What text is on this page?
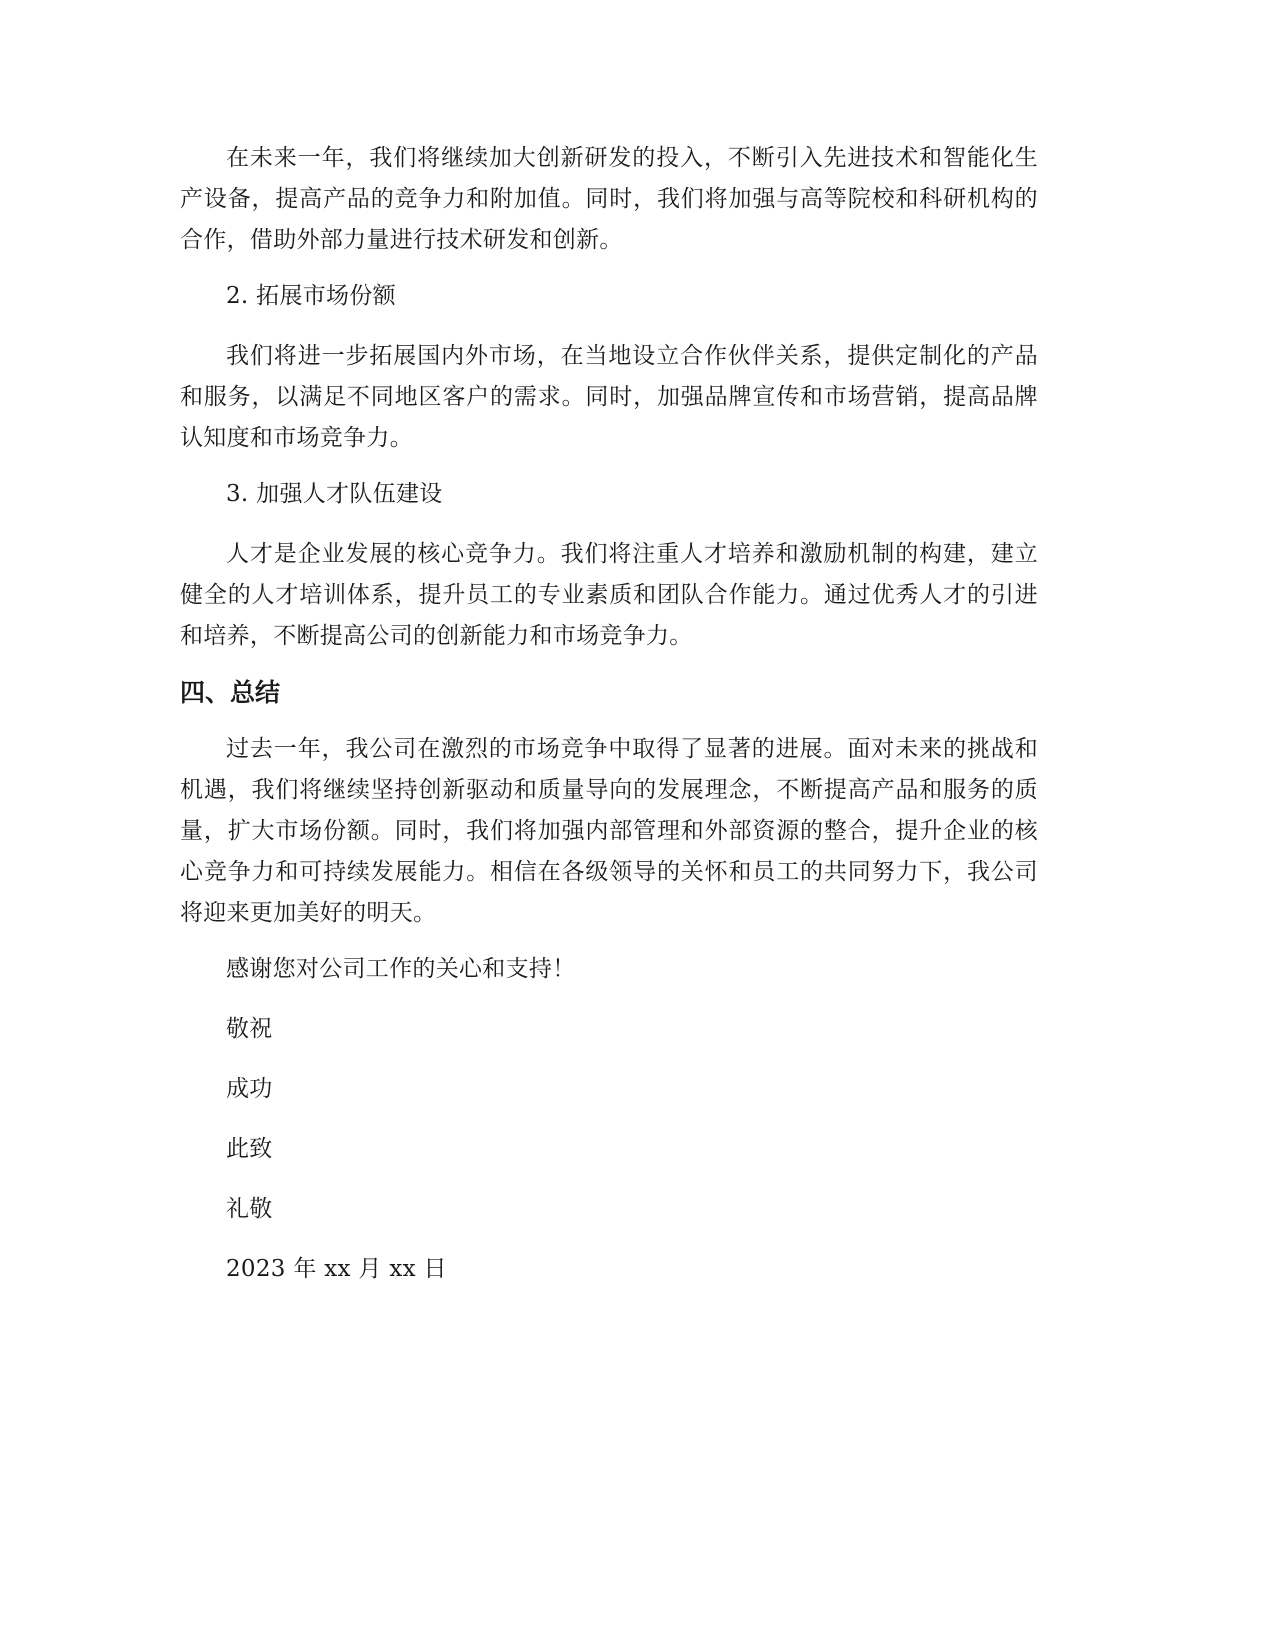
在未来一年，我们将继续加大创新研发的投入，不断引入先进技术和智能化生产设备，提高产品的竞争力和附加值。同时，我们将加强与高等院校和科研机构的合作，借助外部力量进行技术研发和创新。

2. 拓展市场份额

我们将进一步拓展国内外市场，在当地设立合作伙伴关系，提供定制化的产品和服务，以满足不同地区客户的需求。同时，加强品牌宣传和市场营销，提高品牌认知度和市场竞争力。

3. 加强人才队伍建设

人才是企业发展的核心竞争力。我们将注重人才培养和激励机制的构建，建立健全的人才培训体系，提升员工的专业素质和团队合作能力。通过优秀人才的引进和培养，不断提高公司的创新能力和市场竞争力。

四、总结

过去一年，我公司在激烈的市场竞争中取得了显著的进展。面对未来的挑战和机遇，我们将继续坚持创新驱动和质量导向的发展理念，不断提高产品和服务的质量，扩大市场份额。同时，我们将加强内部管理和外部资源的整合，提升企业的核心竞争力和可持续发展能力。相信在各级领导的关怀和员工的共同努力下，我公司将迎来更加美好的明天。

感谢您对公司工作的关心和支持！

敬祝

成功

此致

礼敬

2023 年 xx 月 xx 日
